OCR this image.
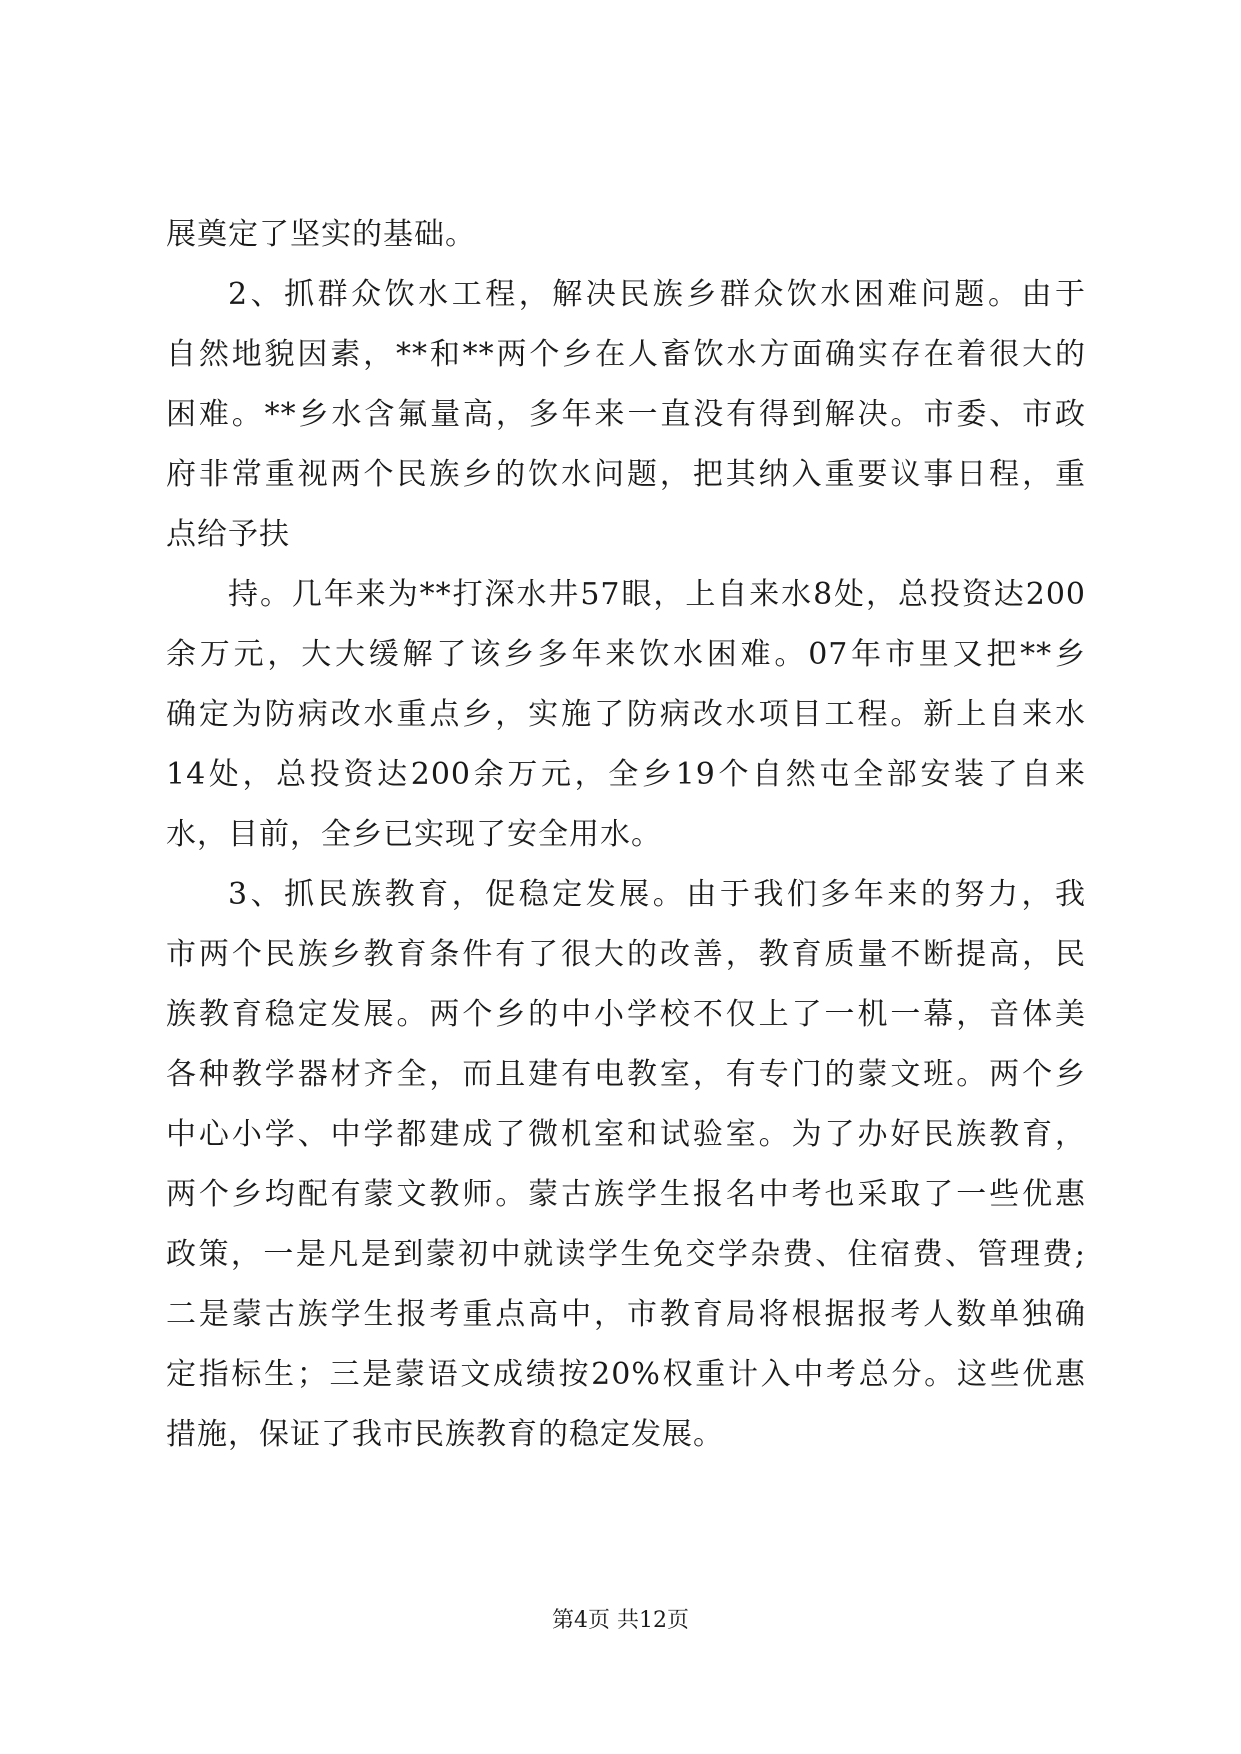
展奠定了坚实的基础。
2、抓群众饮水工程，解决民族乡群众饮水困难问题。由于
自然地貌因素，**和**两个乡在人畜饮水方面确实存在着很大的
困难。**乡水含氟量高，多年来一直没有得到解决。市委、市政
府非常重视两个民族乡的饮水问题，把其纳入重要议事日程，重
点给予扶
持。几年来为**打深水井57眼，上自来水8处，总投资达200
余万元，大大缓解了该乡多年来饮水困难。07年市里又把**乡
确定为防病改水重点乡，实施了防病改水项目工程。新上自来水
14处，总投资达200余万元，全乡19个自然屯全部安装了自来
水，目前，全乡已实现了安全用水。
3、抓民族教育，促稳定发展。由于我们多年来的努力，我
市两个民族乡教育条件有了很大的改善，教育质量不断提高，民
族教育稳定发展。两个乡的中小学校不仅上了一机一幕，音体美
各种教学器材齐全，而且建有电教室，有专门的蒙文班。两个乡
中心小学、中学都建成了微机室和试验室。为了办好民族教育，
两个乡均配有蒙文教师。蒙古族学生报名中考也采取了一些优惠
政策，一是凡是到蒙初中就读学生免交学杂费、住宿费、管理费;
二是蒙古族学生报考重点高中，市教育局将根据报考人数单独确
定指标生；三是蒙语文成绩按20%权重计入中考总分。这些优惠
措施，保证了我市民族教育的稳定发展。
第4页 共12页
